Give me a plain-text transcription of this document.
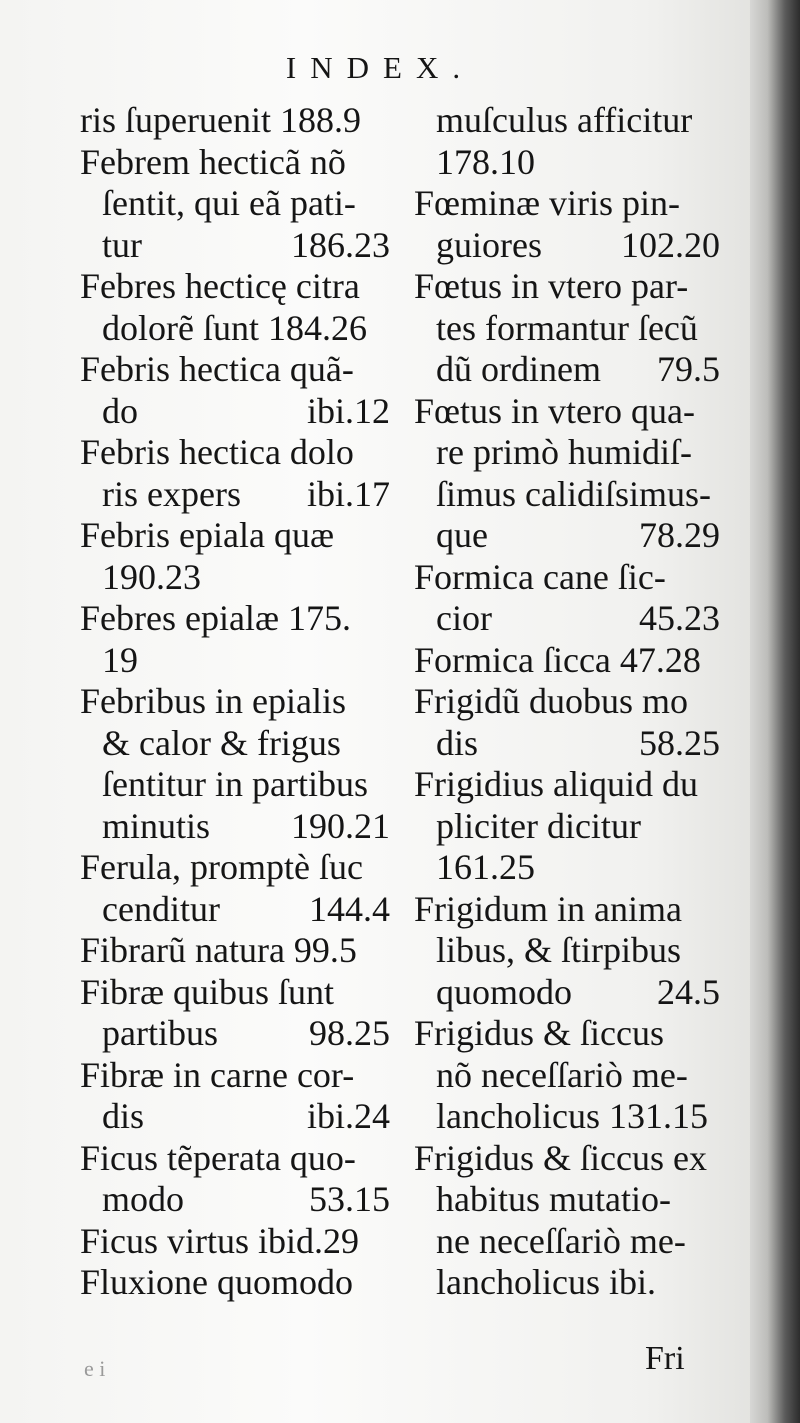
INDEX.
ris ſuperuenit 188.9
Febrem hecticã nõ
ſentit, qui eã pati-
tur	186.23
Febres hecticę citra
dolorẽ ſunt 184.26
Febris hectica quã-
do	ibi.12
Febris hectica dolo
ris expers ibi.17
Febris epiala quæ
190.23
Febres epialæ 175.
19
Febribus in epialis
& calor & frigus
ſentitur in partibus
minutis 190.21
Ferula, promptè ſuc
cenditur 144.4
Fibrarũ natura 99.5
Fibræ quibus ſunt
partibus	98.25
Fibræ in carne cor-
dis	ibi.24
Ficus tẽperata quo-
modo	53.15
Ficus virtus ibid.29
Fluxione quomodo
muſculus afficitur
178.10
Fœminæ viris pin-
guiores 102.20
Fœtus in vtero par-
tes formantur ſecũ
dũ ordinem 79.5
Fœtus in vtero qua-
re primò humidiſ-
ſimus calidiſsimus-
que	78.29
Formica cane ſic-
cior	45.23
Formica ſicca 47.28
Frigidũ duobus mo
dis	58.25
Frigidius aliquid du
pliciter dicitur
161.25
Frigidum in anima
libus, & ſtirpibus
quomodo 24.5
Frigidus & ſiccus
nõ neceſſariò me-
lancholicus 131.15
Frigidus & ſiccus ex
habitus mutatio-
ne neceſſariò me-
lancholicus ibi.
e i	Fri
